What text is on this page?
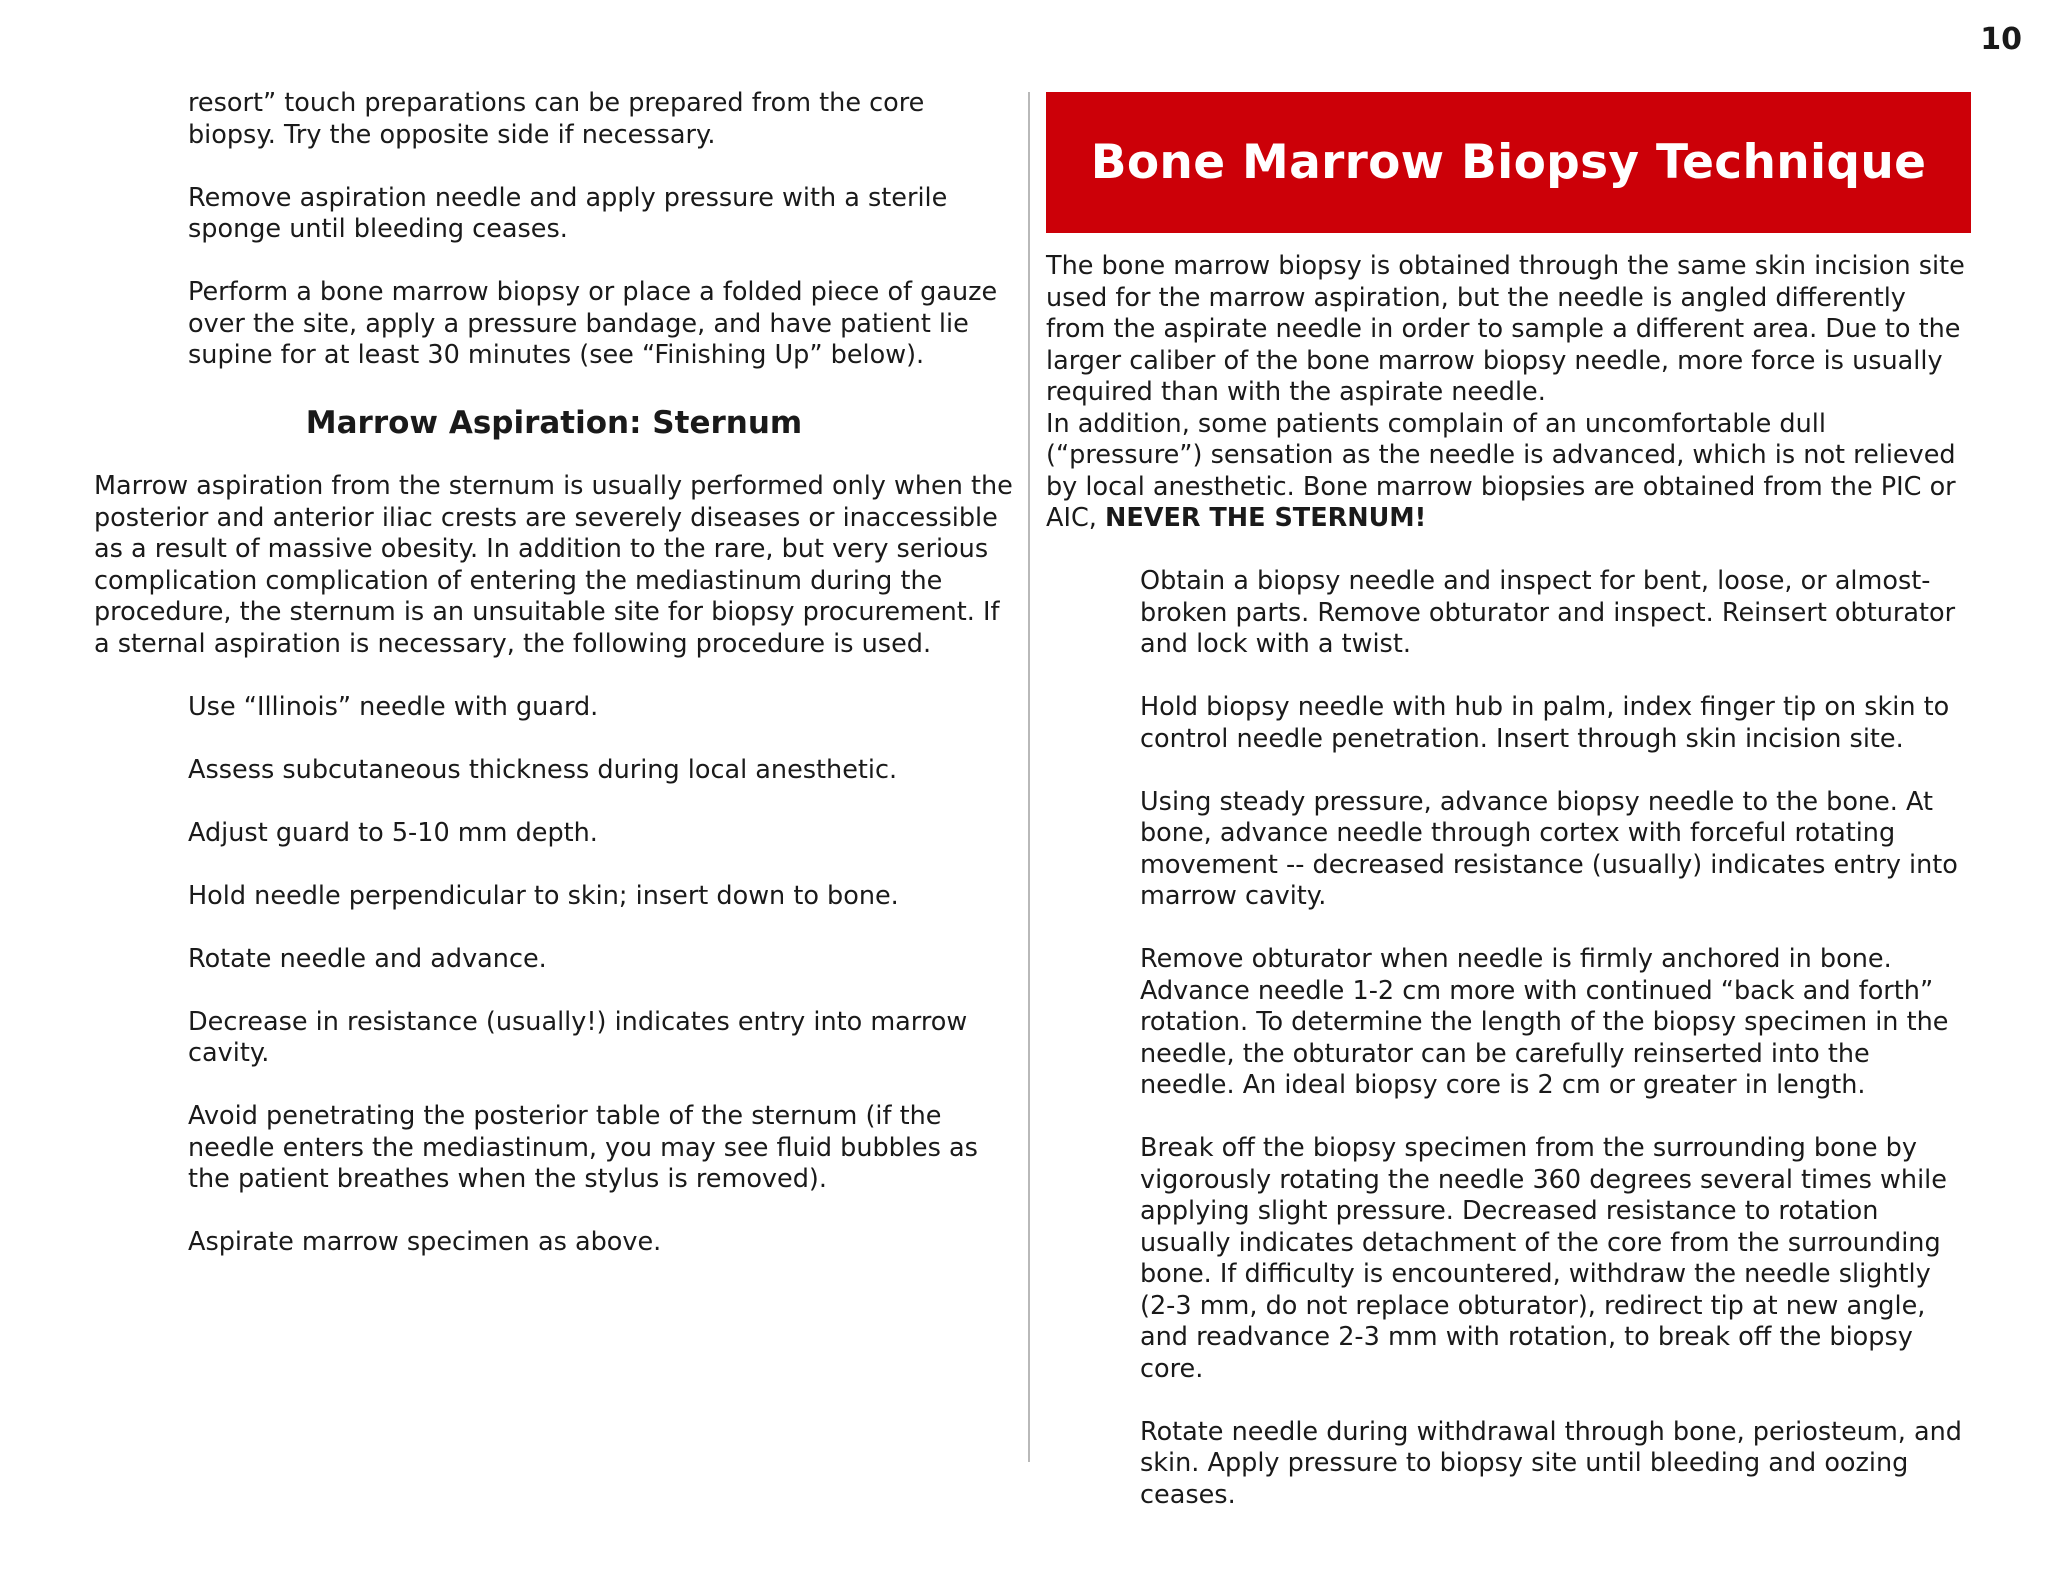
10

resort” touch preparations can be prepared from the core biopsy. Try the opposite side if necessary.

Remove aspiration needle and apply pressure with a sterile sponge until bleeding ceases.

Perform a bone marrow biopsy or place a folded piece of gauze over the site, apply a pressure bandage, and have patient lie supine for at least 30 minutes (see “Finishing Up” below).

Marrow Aspiration: Sternum

Marrow aspiration from the sternum is usually performed only when the posterior and anterior iliac crests are severely diseases or inaccessible as a result of massive obesity. In addition to the rare, but very serious complication complication of entering the mediastinum during the procedure, the sternum is an unsuitable site for biopsy procurement. If a sternal aspiration is necessary, the following procedure is used.

Use “Illinois” needle with guard.

Assess subcutaneous thickness during local anesthetic.

Adjust guard to 5-10 mm depth.

Hold needle perpendicular to skin; insert down to bone.

Rotate needle and advance.

Decrease in resistance (usually!) indicates entry into marrow cavity.

Avoid penetrating the posterior table of the sternum (if the needle enters the mediastinum, you may see fluid bubbles as the patient breathes when the stylus is removed).

Aspirate marrow specimen as above.

Bone Marrow Biopsy Technique

The bone marrow biopsy is obtained through the same skin incision site used for the marrow aspiration, but the needle is angled differently from the aspirate needle in order to sample a different area. Due to the larger caliber of the bone marrow biopsy needle, more force is usually required than with the aspirate needle.
In addition, some patients complain of an uncomfortable dull (“pressure”) sensation as the needle is advanced, which is not relieved by local anesthetic. Bone marrow biopsies are obtained from the PIC or AIC, NEVER THE STERNUM!

Obtain a biopsy needle and inspect for bent, loose, or almost-broken parts. Remove obturator and inspect. Reinsert obturator and lock with a twist.

Hold biopsy needle with hub in palm, index finger tip on skin to control needle penetration. Insert through skin incision site.

Using steady pressure, advance biopsy needle to the bone. At bone, advance needle through cortex with forceful rotating movement -- decreased resistance (usually) indicates entry into marrow cavity.

Remove obturator when needle is firmly anchored in bone. Advance needle 1-2 cm more with continued “back and forth” rotation. To determine the length of the biopsy specimen in the needle, the obturator can be carefully reinserted into the needle. An ideal biopsy core is 2 cm or greater in length.

Break off the biopsy specimen from the surrounding bone by vigorously rotating the needle 360 degrees several times while applying slight pressure. Decreased resistance to rotation usually indicates detachment of the core from the surrounding bone. If difficulty is encountered, withdraw the needle slightly (2-3 mm, do not replace obturator), redirect tip at new angle, and readvance 2-3 mm with rotation, to break off the biopsy core.

Rotate needle during withdrawal through bone, periosteum, and skin. Apply pressure to biopsy site until bleeding and oozing ceases.
